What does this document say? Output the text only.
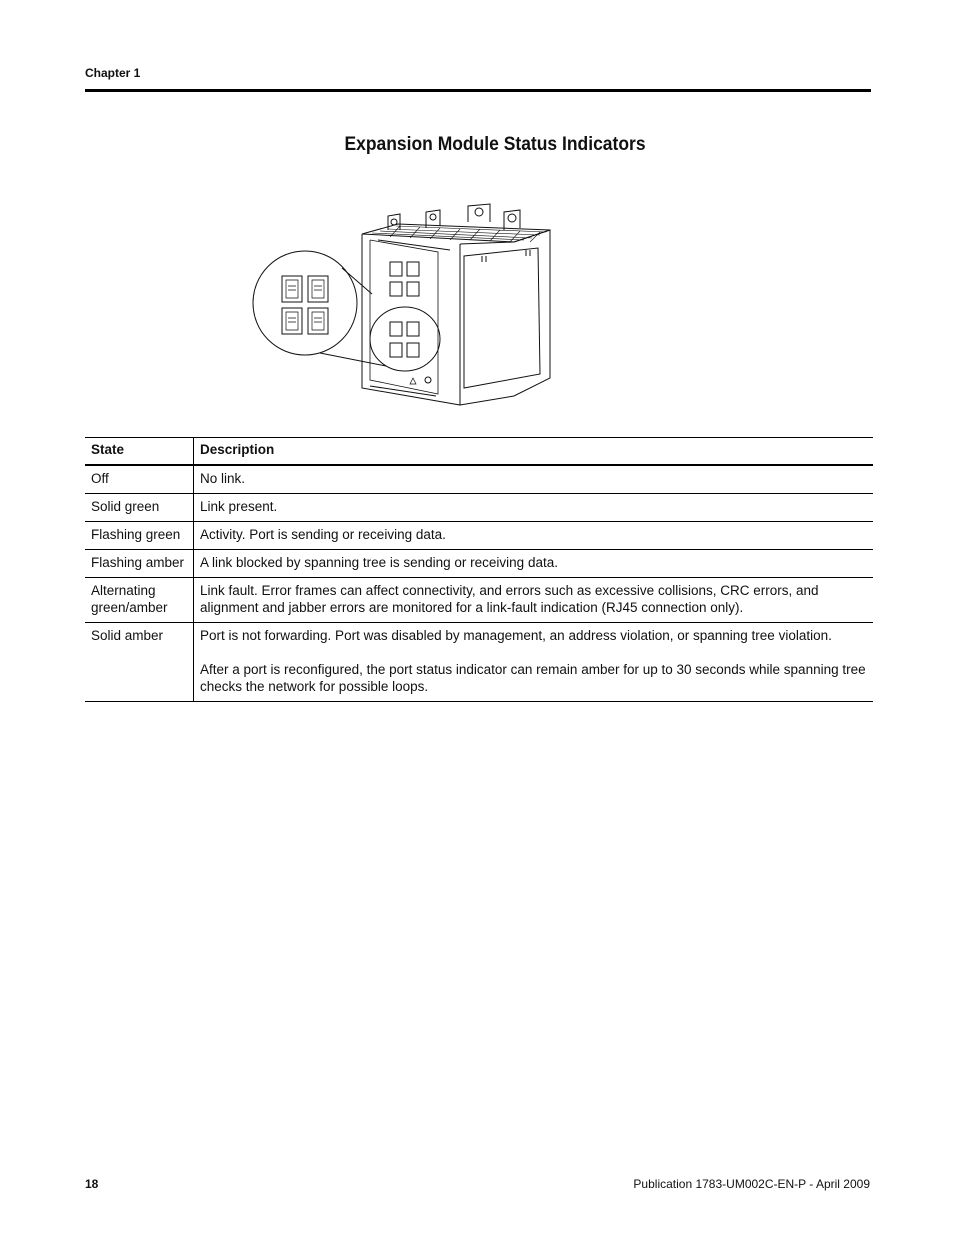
Chapter 1
Expansion Module Status Indicators
State	Description
Off	No link.

Solid green	Link present.

Flashing green	Activity. Port is sending or receiving data.

Flashing amber	A link blocked by spanning tree is sending or receiving data.

Alternating green/amber	Link fault. Error frames can affect connectivity, and errors such as excessive collisions, CRC errors, and alignment and jabber errors are monitored for a link-fault indication (RJ45 connection only).

Solid amber	Port is not forwarding. Port was disabled by management, an address violation, or spanning tree violation.

After a port is reconfigured, the port status indicator can remain amber for up to 30 seconds while spanning tree checks the network for possible loops.

18	Publication 1783-UM002C-EN-P - April 2009
